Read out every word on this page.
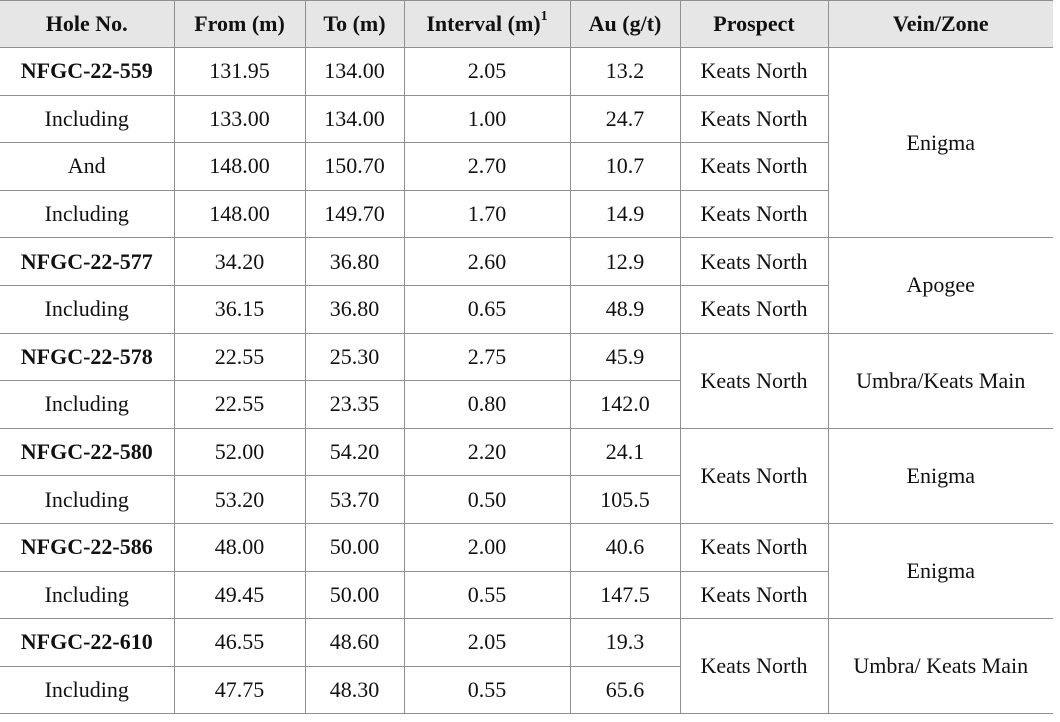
Hole No.	From (m)	To (m)	Interval $(m)^1$	Au (g/t)	Prospect	Vein/Zone
NFGC-22-559	131.95	134.00	2.05	13.2	Keats North	Enigma
Including	133.00	134.00	1.00	24.7	Keats North	
And	148.00	150.70	2.70	10.7	Keats North	
Including	148.00	149.70	1.70	14.9	Keats North	
NFGC-22-577	34.20	36.80	2.60	12.9	Keats North	Apogee
Including	36.15	36.80	0.65	48.9	Keats North	
NFGC-22-578	22.55	25.30	2.75	45.9	Keats North	Umbra/Keats Main
Including	22.55	23.35	0.80	142.0		
NFGC-22-580	52.00	54.20	2.20	24.1	Keats North	Enigma
Including	53.20	53.70	0.50	105.5		
NFGC-22-586	48.00	50.00	2.00	40.6	Keats North	Enigma
Including	49.45	50.00	0.55	147.5	Keats North	
NFGC-22-610	46.55	48.60	2.05	19.3	Keats North	Umbra/ Keats Main
Including	47.75	48.30	0.55	65.6		
